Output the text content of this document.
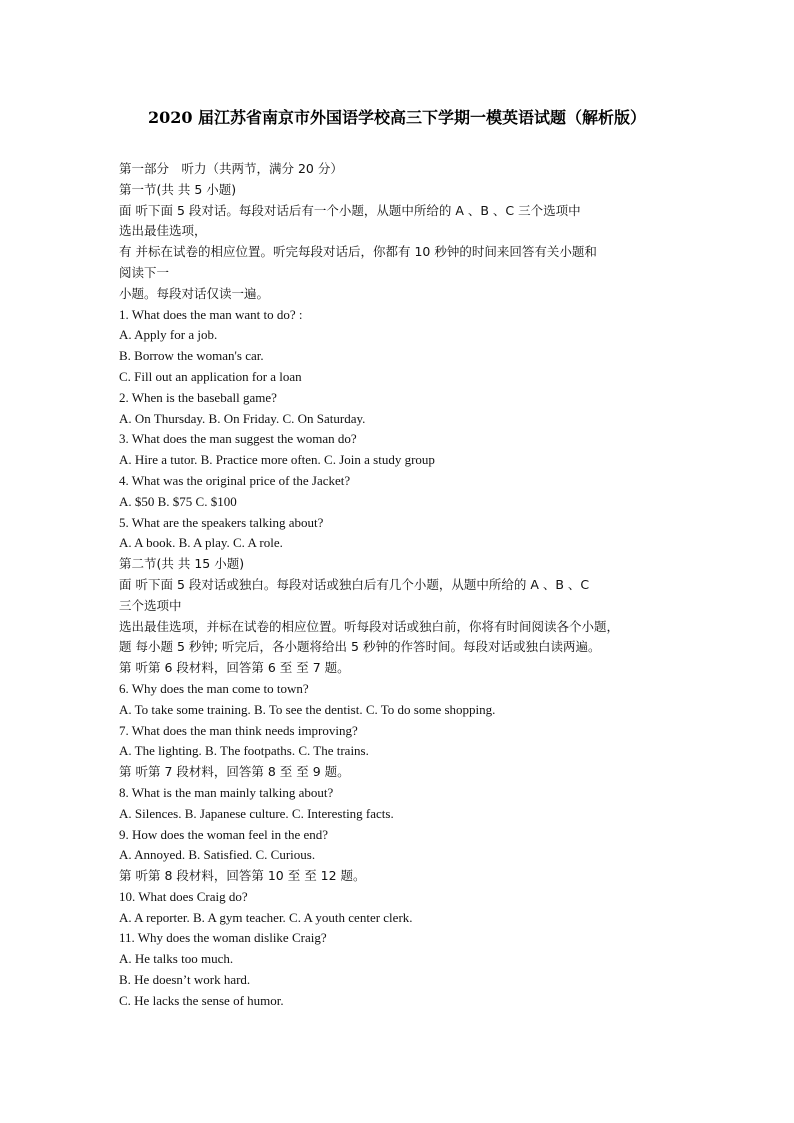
2020 届江苏省南京市外国语学校高三下学期一模英语试题（解析版）
第一部分　听力（共两节，满分 20 分）
第一节(共 共 5 小题)
面 听下面 5 段对话。每段对话后有一个小题，从题中所给的 A 、B 、C 三个选项中
选出最佳选项，
有 并标在试卷的相应位置。听完每段对话后，你都有 10 秒钟的时间来回答有关小题和
阅读下一
小题。每段对话仅读一遍。
1. What does the man want to do? :
A. Apply for a job.
B. Borrow the woman's car.
C. Fill out an application for a loan
2. When is the baseball game?
A. On Thursday. B. On Friday. C. On Saturday.
3. What does the man suggest the woman do?
A. Hire a tutor. B. Practice more often. C. Join a study group
4. What was the original price of the Jacket?
A. $50 B. $75 C. $100
5. What are the speakers talking about?
A. A book. B. A play. C. A role.
第二节(共 共 15 小题)
面 听下面 5 段对话或独白。每段对话或独白后有几个小题，从题中所给的 A 、B 、C
三个选项中
选出最佳选项，并标在试卷的相应位置。听每段对话或独白前，你将有时间阅读各个小题，
题 每小题 5 秒钟; 听完后，各小题将给出 5 秒钟的作答时间。每段对话或独白读两遍。
第 听第 6 段材料，回答第 6 至 至 7 题。
6. Why does the man come to town?
A. To take some training. B. To see the dentist. C. To do some shopping.
7. What does the man think needs improving?
A. The lighting. B. The footpaths. C. The trains.
第 听第 7 段材料，回答第 8 至 至 9 题。
8. What is the man mainly talking about?
A. Silences. B. Japanese culture. C. Interesting facts.
9. How does the woman feel in the end?
A. Annoyed. B. Satisfied. C. Curious.
第 听第 8 段材料，回答第 10 至 至 12 题。
10. What does Craig do?
A. A reporter. B. A gym teacher. C. A youth center clerk.
11. Why does the woman dislike Craig?
A. He talks too much.
B. He doesn’t work hard.
C. He lacks the sense of humor.
